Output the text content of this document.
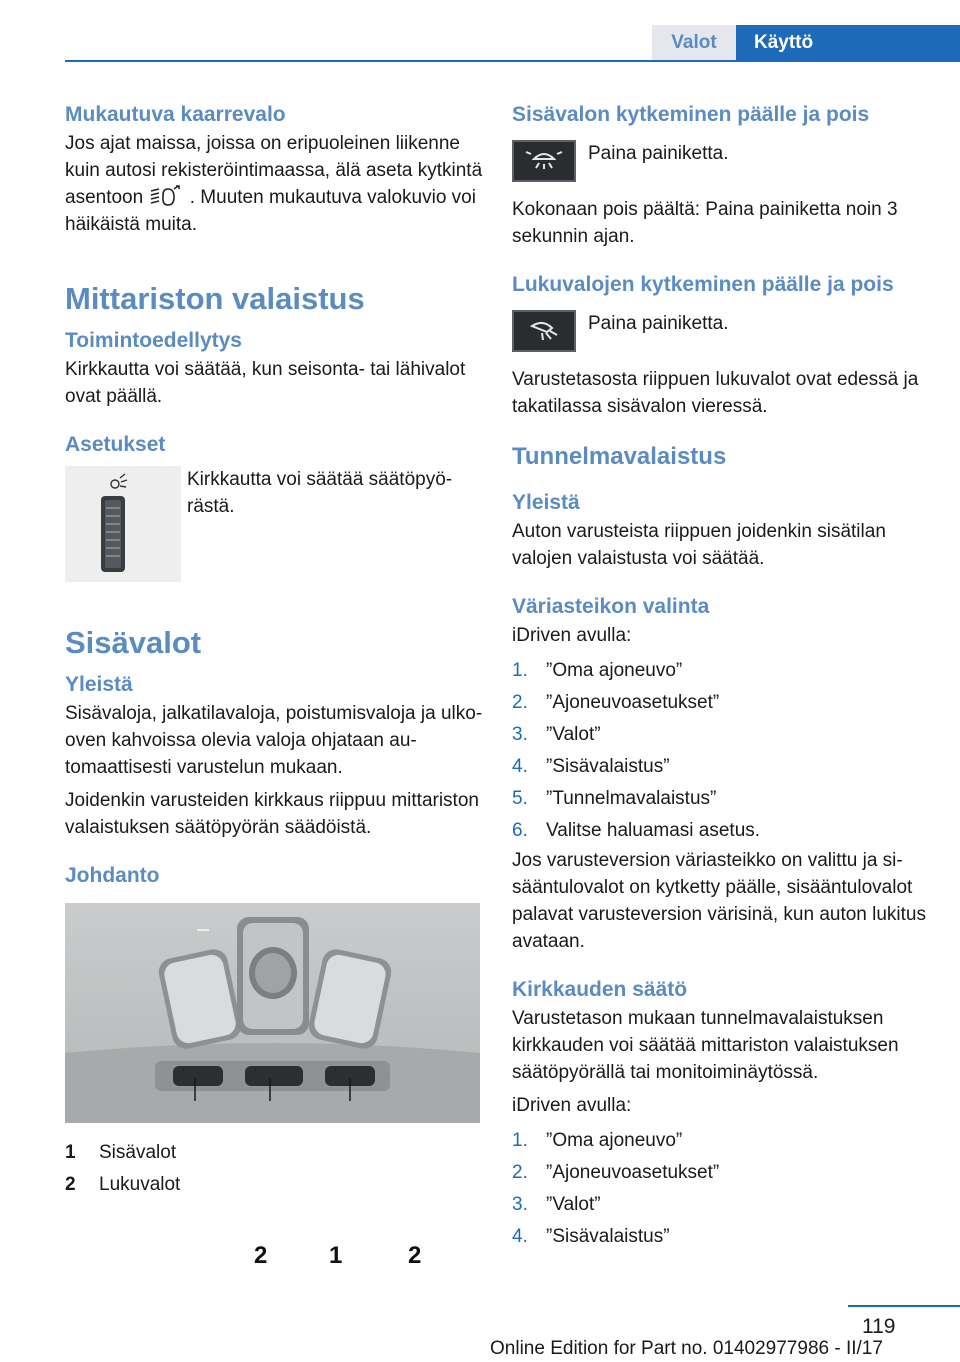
Valot	Käyttö
Mukautuva kaarrevalo
Jos ajat maissa, joissa on eripuoleinen liikenne kuin autosi rekisteröintimaassa, älä aseta kytkintä asentoon  . Muuten mukautuva valokuvio voi häikäistä muita.
Mittariston valaistus
Toimintoedellytys
Kirkkautta voi säätää, kun seisonta- tai lähivalot ovat päällä.
Asetukset
Kirkkautta voi säätää säätöpyörästä.
Sisävalot
Yleistä
Sisävaloja, jalkatilavaloja, poistumisvaloja ja ulko-oven kahvoissa olevia valoja ohjataan automaattisesti varustelun mukaan.
Joidenkin varusteiden kirkkaus riippuu mittariston valaistuksen säätöpyörän säädöistä.
Johdanto
2	1	2
1	Sisävalot
2	Lukuvalot
Sisävalon kytkeminen päälle ja pois
Paina painiketta.
Kokonaan pois päältä: Paina painiketta noin 3 sekunnin ajan.
Lukuvalojen kytkeminen päälle ja pois
Paina painiketta.
Varustetasosta riippuen lukuvalot ovat edessä ja takatilassa sisävalon vieressä.
Tunnelmavalaistus
Yleistä
Auton varusteista riippuen joidenkin sisätilan valojen valaistusta voi säätää.
Väriasteikon valinta
iDriven avulla:
1. ”Oma ajoneuvo”
2. ”Ajoneuvoasetukset”
3. ”Valot”
4. ”Sisävalaistus”
5. ”Tunnelmavalaistus”
6. Valitse haluamasi asetus.
Jos varusteversion väriasteikko on valittu ja sisääntulovalot on kytketty päälle, sisääntulovalot palavat varusteversion värisinä, kun auton lukitus avataan.
Kirkkauden säätö
Varustetason mukaan tunnelmavalaistuksen kirkkauden voi säätää mittariston valaistuksen säätöpyörällä tai monitoiminäytössä.
iDriven avulla:
1. ”Oma ajoneuvo”
2. ”Ajoneuvoasetukset”
3. ”Valot”
4. ”Sisävalaistus”
119
Online Edition for Part no. 01402977986 - II/17
